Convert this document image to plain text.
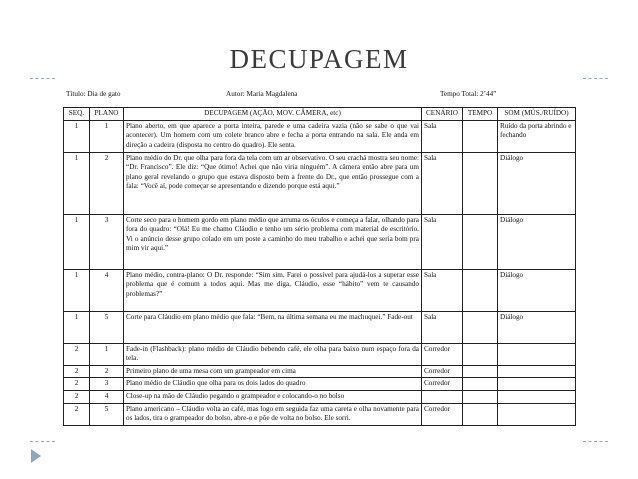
DECUPAGEM
Título: Dia de gato	Autor: Maria Magdalena	Tempo Total: 2’44”
SEQ.	PLANO	DECUPAGEM (AÇÃO, MOV. CÂMERA, etc)	CENÁRIO	TEMPO	SOM (MÚS./RUÍDO)
1	1	Plano aberto, em que aparece a porta inteira, parede e uma cadeira vazia (não se sabe o que vai acontecer). Um homem com um colete branco abre e fecha a porta entrando na sala. Ele anda em direção a cadeira (disposta no centro do quadro). Ele senta.	Sala		Ruído da porta abrindo e fechando
1	2	Plano médio do Dr. que olha para fora da tela com um ar observativo. O seu crachá mostra seu nome: “Dr. Francisco”. Ele diz: “Que ótimo! Achei que não viria ninguém”. A câmera então abre para um plano geral revelando o grupo que estava disposto bem a frente do Dr., que então prossegue com a fala: “Você aí, pode começar se apresentando e dizendo porque está aqui.”	Sala		Diálogo
1	3	Corte seco para o homem gordo em plano médio que arruma os óculos e começa a falar, olhando para fora do quadro: “Olá! Eu me chamo Cláudio e tenho um sério problema com material de escritório. Vi o anúncio desse grupo colado em um poste a caminho do meu trabalho e achei que seria bom pra mim vir aqui.”	Sala		Diálogo
1	4	Plano médio, contra-plano: O Dr. responde: “Sim sim. Farei o possível para ajudá-los a superar esse problema que é comum a todos aqui. Mas me diga, Cláudio, esse “hábito” vem te causando problemas?”	Sala		Diálogo
1	5	Corte para Cláudio em plano médio que fala: “Bem, na última semana eu me machuquei.” Fade-out	Sala		Diálogo
2	1	Fade-in (Flashback): plano médio de Cláudio bebendo café, ele olha para baixo num espaço fora da tela.	Corredor		
2	2	Primeiro plano de uma mesa com um grampeador em cima	Corredor		
2	3	Plano médio de Cláudio que olha para os dois lados do quadro	Corredor		
2	4	Close-up na mão de Cláudio pegando o grampeador e colocando-o no bolso			
2	5	Plano americano – Cláudio volta ao café, mas logo em seguida faz uma careta e olha novamente para os lados, tira o grampeador do bolso, abre-o e põe de volta no bolso. Ele sorri.	Corredor		
